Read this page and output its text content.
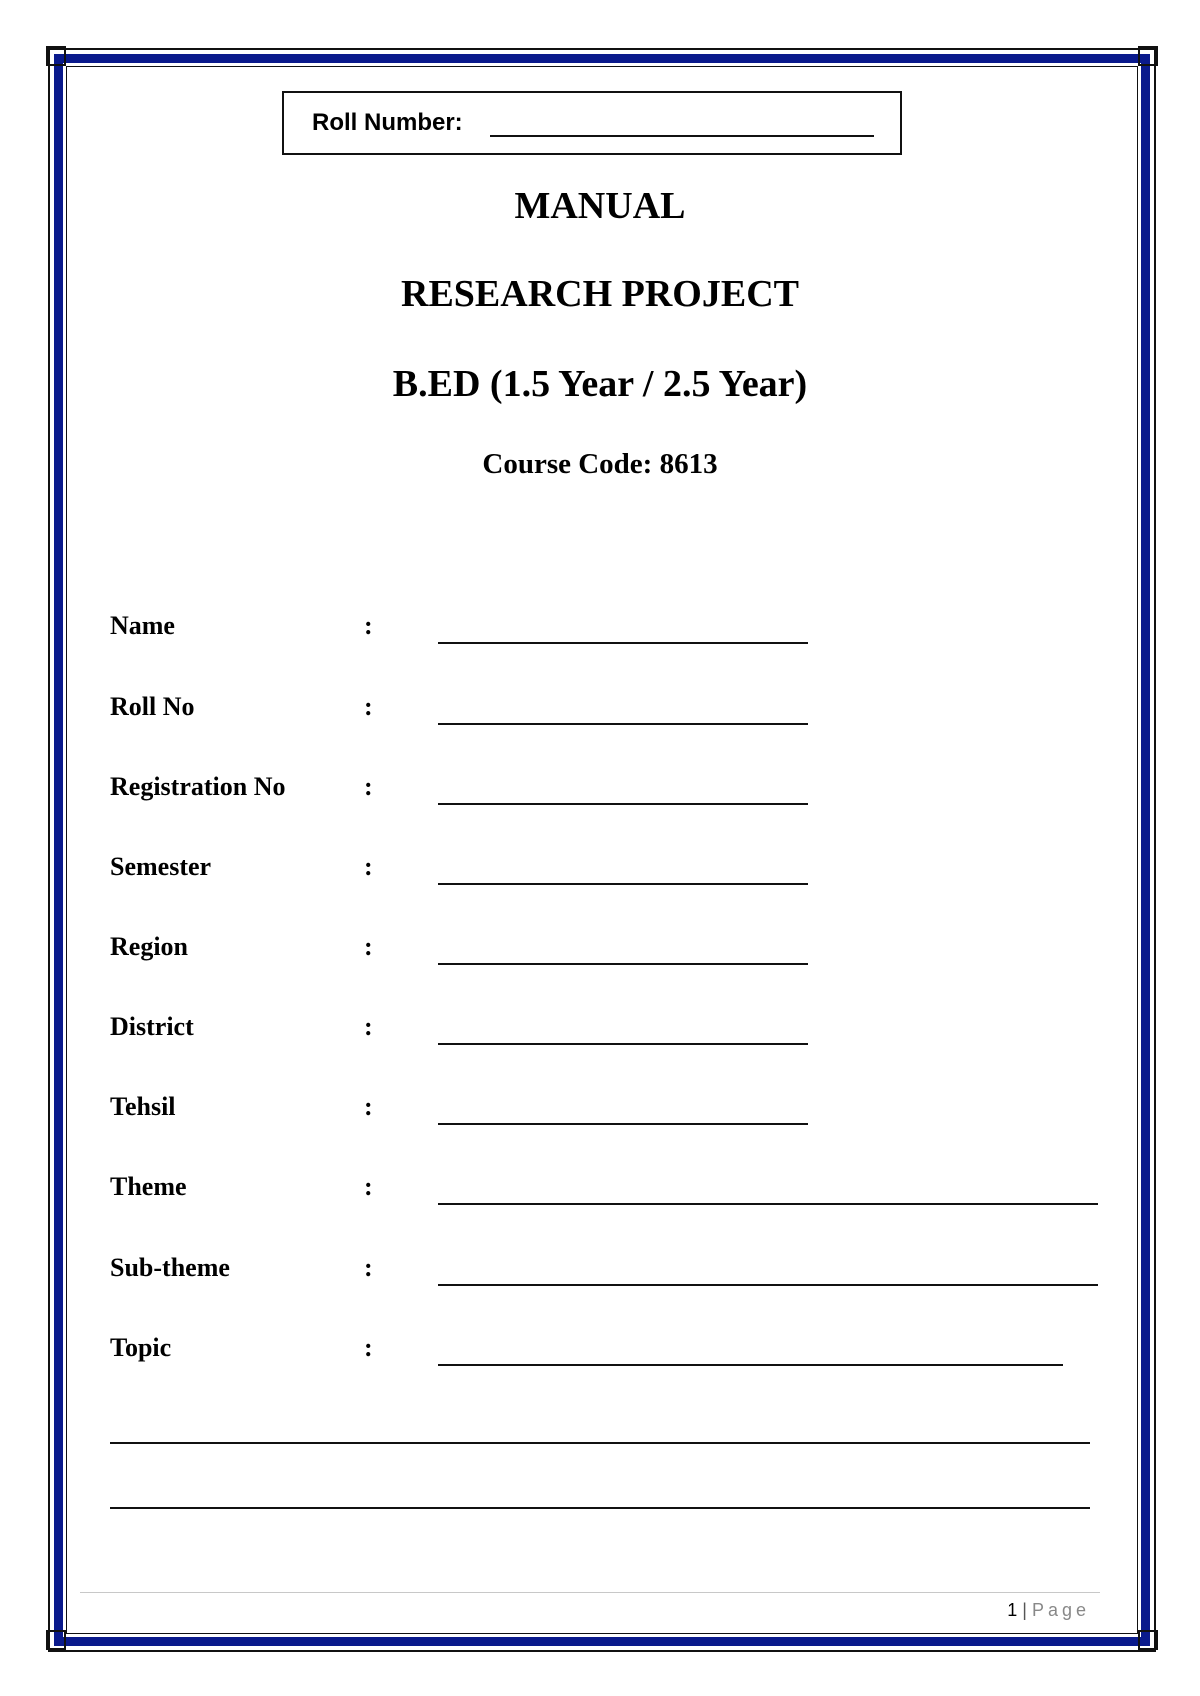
Roll Number:
MANUAL
RESEARCH PROJECT
B.ED (1.5 Year / 2.5 Year)
Course Code: 8613
Name	:
Roll No	:
Registration No	:
Semester	:
Region	:
District	:
Tehsil	:
Theme	:
Sub-theme	:
Topic	:
1 | Page
